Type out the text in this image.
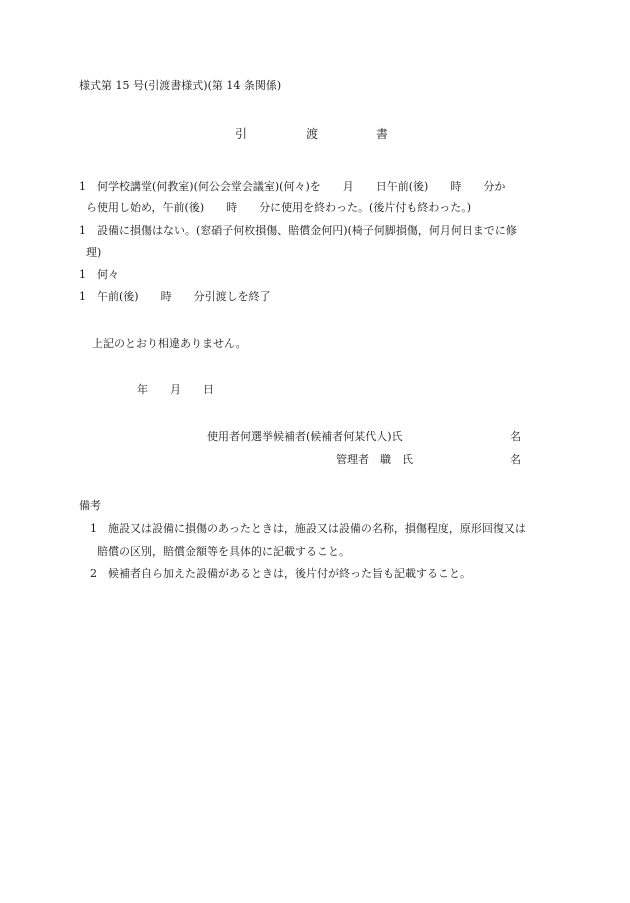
様式第 15 号(引渡書様式)(第 14 条関係)
引	渡	書
1　何学校講堂(何教室)(何公会堂会議室)(何々)を　　月　　日午前(後)　　時　　分か
ら使用し始め，午前(後)　　時　　分に使用を終わった。(後片付も終わった。)
1　設備に損傷はない。(窓硝子何枚損傷、賠償金何円)(椅子何脚損傷，何月何日までに修
理)
1　何々
1　午前(後)　　時　　分引渡しを終了
上記のとおり相違ありません。
年　　月　　日
使用者何選挙候補者(候補者何某代人)氏	名
管理者　職　氏	名
備考
1　施設又は設備に損傷のあったときは，施設又は設備の名称，損傷程度，原形回復又は
賠償の区別，賠償金額等を具体的に記載すること。
2　候補者自ら加えた設備があるときは，後片付が終った旨も記載すること。
